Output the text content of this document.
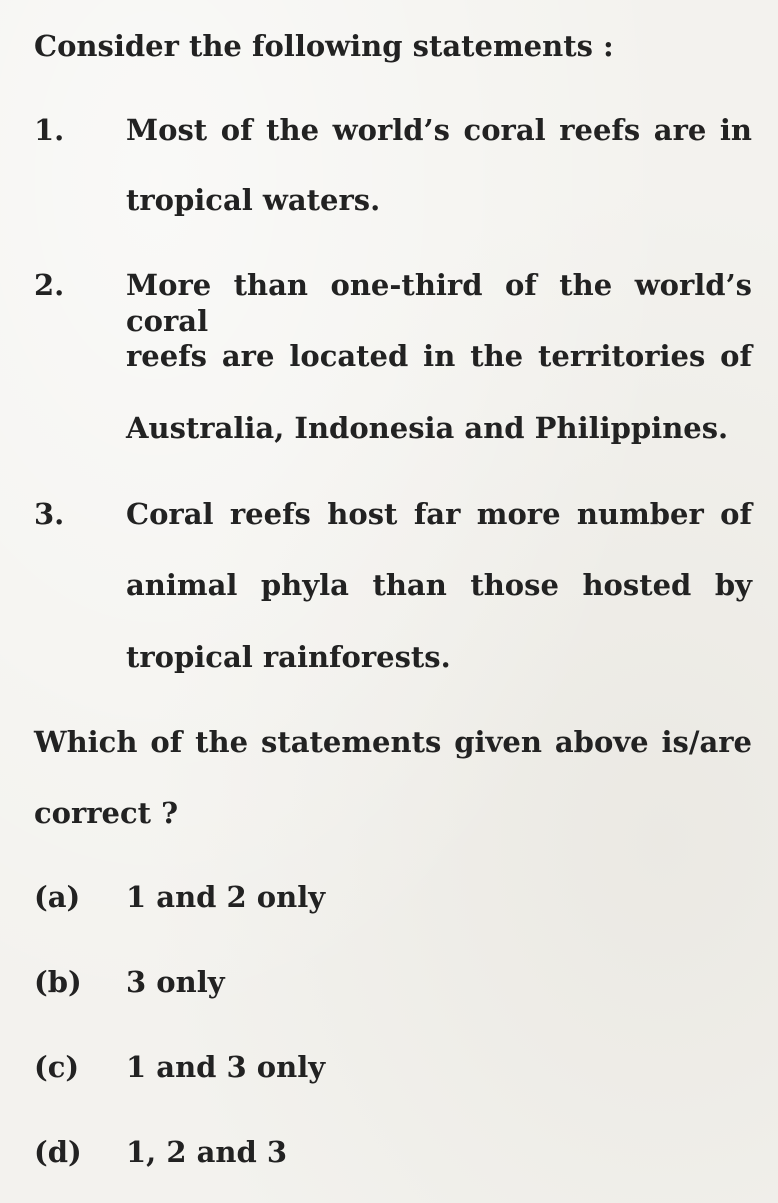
Consider the following statements :
1. Most of the world’s coral reefs are in
tropical waters.
2. More than one-third of the world’s coral
reefs are located in the territories of
Australia, Indonesia and Philippines.
3. Coral reefs host far more number of
animal phyla than those hosted by
tropical rainforests.
Which of the statements given above is/are
correct ?
(a) 1 and 2 only
(b) 3 only
(c) 1 and 3 only
(d) 1, 2 and 3
